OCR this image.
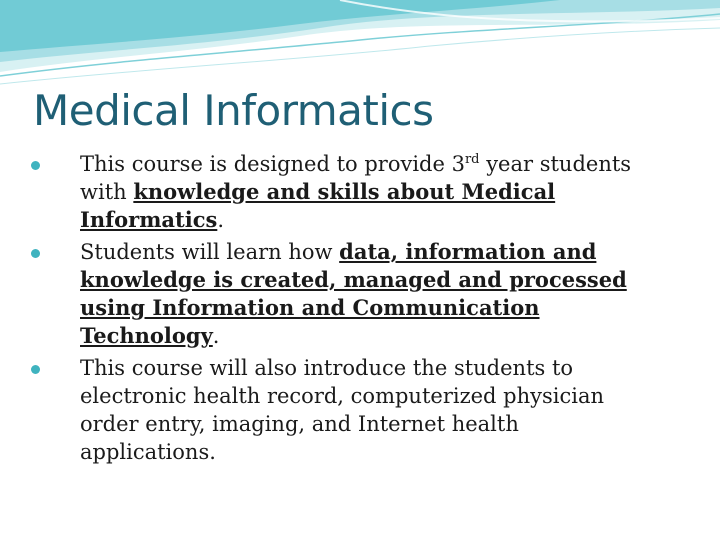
Medical Informatics
This course is designed to provide 3rd year students
with knowledge and skills about Medical
Informatics.
Students will learn how data, information and
knowledge is created, managed and processed
using Information and Communication
Technology.
This course will also introduce the students to
electronic health record, computerized physician
order entry, imaging, and Internet health
applications.
